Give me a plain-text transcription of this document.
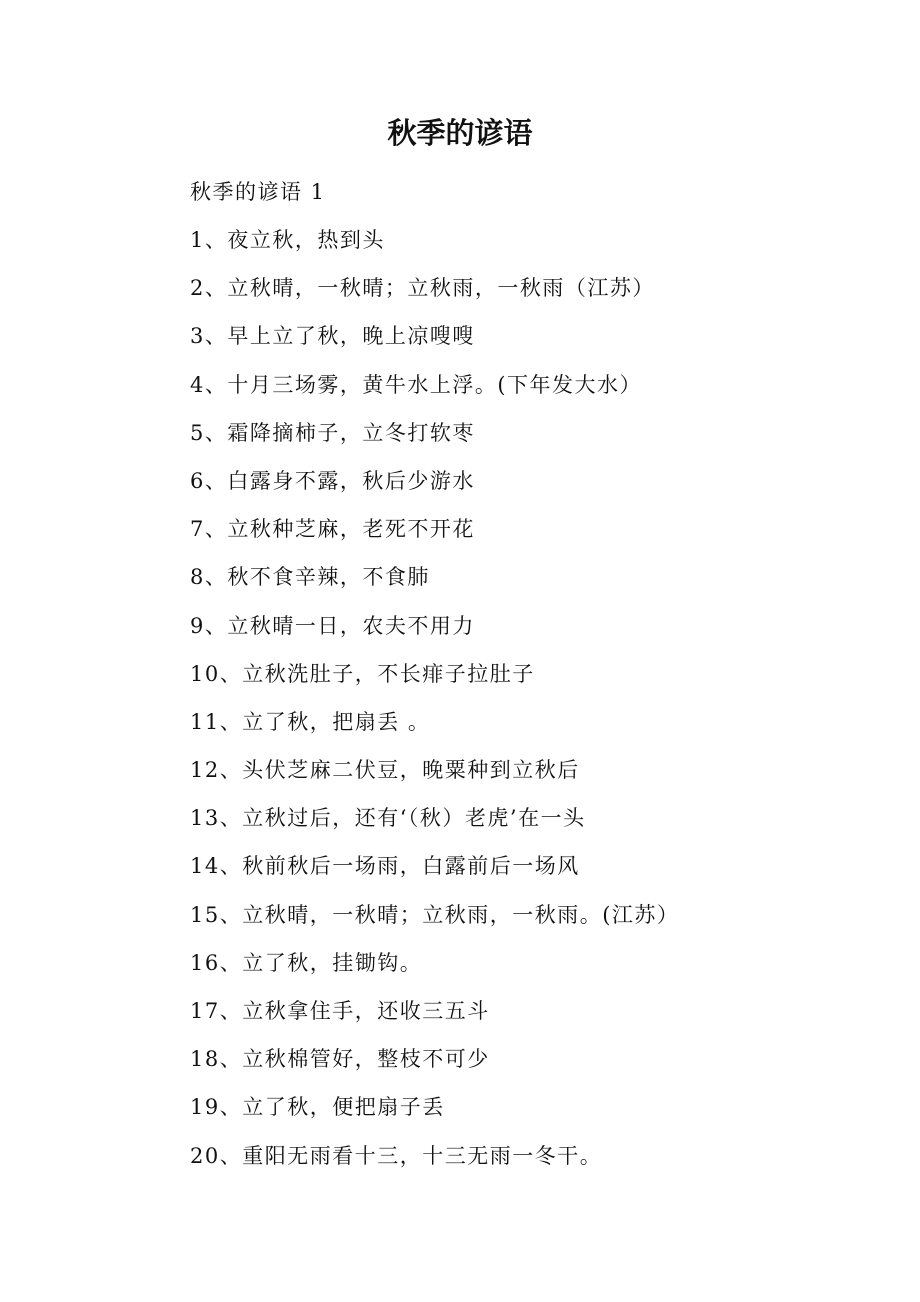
秋季的谚语
秋季的谚语 1
1、夜立秋，热到头
2、立秋晴，一秋晴；立秋雨，一秋雨（江苏）
3、早上立了秋，晚上凉嗖嗖
4、十月三场雾，黄牛水上浮。(下年发大水）
5、霜降摘柿子，立冬打软枣
6、白露身不露，秋后少游水
7、立秋种芝麻，老死不开花
8、秋不食辛辣，不食肺
9、立秋晴一日，农夫不用力
10、立秋洗肚子，不长痱子拉肚子
11、立了秋，把扇丢 。
12、头伏芝麻二伏豆，晚粟种到立秋后
13、立秋过后，还有‘（秋）老虎’在一头
14、秋前秋后一场雨，白露前后一场风
15、立秋晴，一秋晴；立秋雨，一秋雨。(江苏）
16、立了秋，挂锄钩。
17、立秋拿住手，还收三五斗
18、立秋棉管好，整枝不可少
19、立了秋，便把扇子丢
20、重阳无雨看十三，十三无雨一冬干。
